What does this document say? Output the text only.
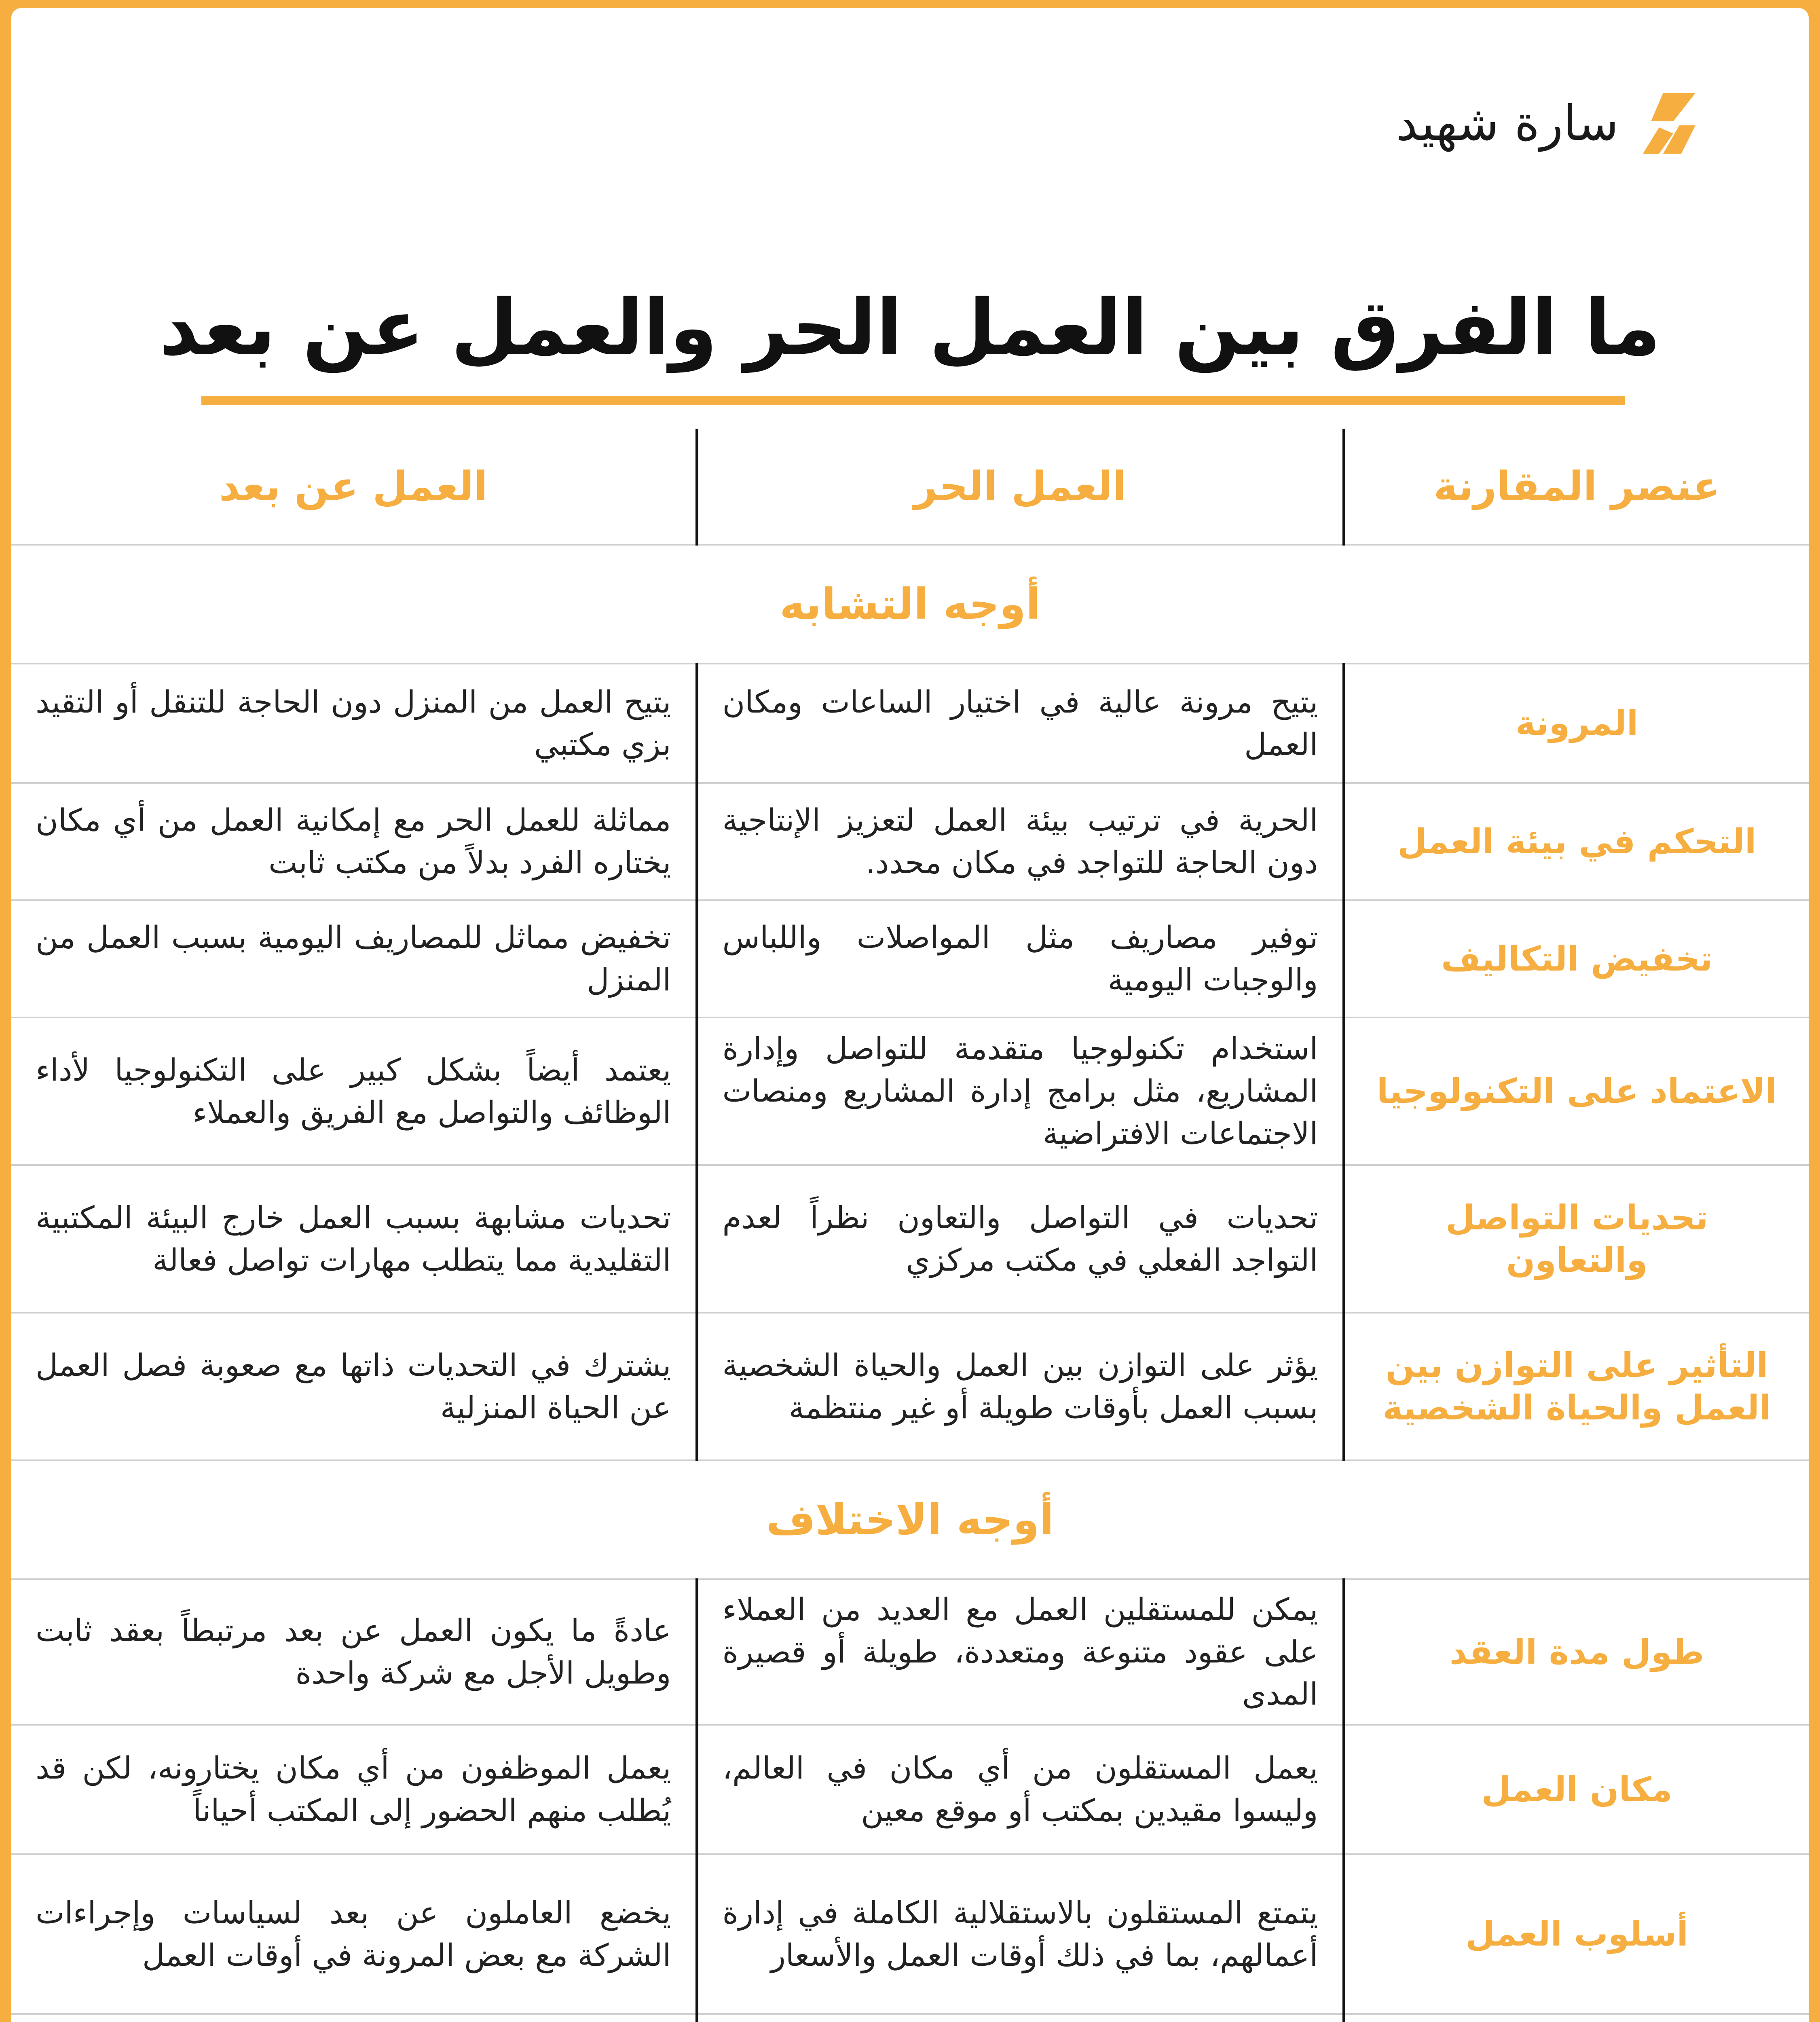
سارة شهيد
ما الفرق بين العمل الحر والعمل عن بعد
عنصر المقارنة	العمل الحر	العمل عن بعد
أوجه التشابه		
المرونة	يتيح مرونة عالية في اختيار الساعات ومكان العمل	يتيح العمل من المنزل دون الحاجة للتنقل أو التقيد بزي مكتبي
التحكم في بيئة العمل	الحرية في ترتيب بيئة العمل لتعزيز الإنتاجية دون الحاجة للتواجد في مكان محدد.	مماثلة للعمل الحر مع إمكانية العمل من أي مكان يختاره الفرد بدلاً من مكتب ثابت
تخفيض التكاليف	توفير مصاريف مثل المواصلات واللباس والوجبات اليومية	تخفيض مماثل للمصاريف اليومية بسبب العمل من المنزل
الاعتماد على التكنولوجيا	استخدام تكنولوجيا متقدمة للتواصل وإدارة المشاريع، مثل برامج إدارة المشاريع ومنصات الاجتماعات الافتراضية	يعتمد أيضاً بشكل كبير على التكنولوجيا لأداء الوظائف والتواصل مع الفريق والعملاء
تحديات التواصل والتعاون	تحديات في التواصل والتعاون نظراً لعدم التواجد الفعلي في مكتب مركزي	تحديات مشابهة بسبب العمل خارج البيئة المكتبية التقليدية مما يتطلب مهارات تواصل فعالة
التأثير على التوازن بين العمل والحياة الشخصية	يؤثر على التوازن بين العمل والحياة الشخصية بسبب العمل بأوقات طويلة أو غير منتظمة	يشترك في التحديات ذاتها مع صعوبة فصل العمل عن الحياة المنزلية
أوجه الاختلاف		
طول مدة العقد	يمكن للمستقلين العمل مع العديد من العملاء على عقود متنوعة ومتعددة، طويلة أو قصيرة المدى	عادةً ما يكون العمل عن بعد مرتبطاً بعقد ثابت وطويل الأجل مع شركة واحدة
مكان العمل	يعمل المستقلون من أي مكان في العالم، وليسوا مقيدين بمكتب أو موقع معين	يعمل الموظفون من أي مكان يختارونه، لكن قد يُطلب منهم الحضور إلى المكتب أحياناً
أسلوب العمل	يتمتع المستقلون بالاستقلالية الكاملة في إدارة أعمالهم، بما في ذلك أوقات العمل والأسعار	يخضع العاملون عن بعد لسياسات وإجراءات الشركة مع بعض المرونة في أوقات العمل
